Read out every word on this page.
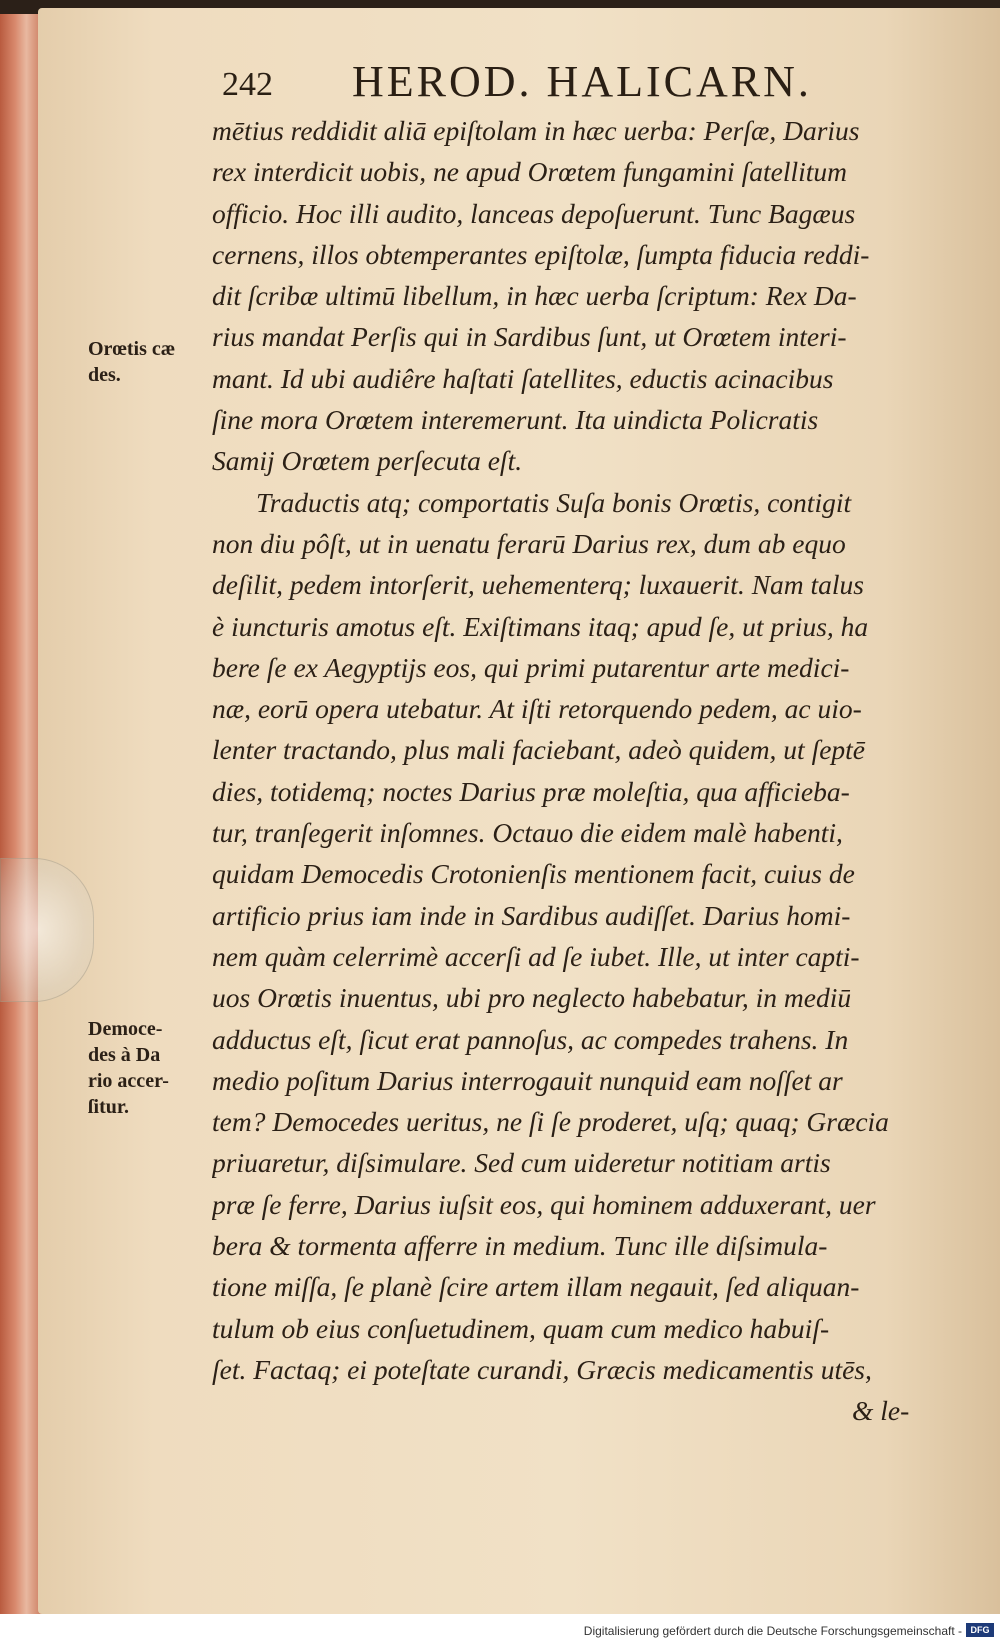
242 HEROD. HALICARN.
Orœtis cæ
des.
Democe-
des à Da
rio accer-
ſitur.
mētius reddidit aliā epiſtolam in hæc uerba: Perſæ, Darius
rex interdicit uobis, ne apud Orœtem fungamini ſatellitum
officio. Hoc illi audito, lanceas depoſuerunt. Tunc Bagæus
cernens, illos obtemperantes epiſtolæ, ſumpta fiducia reddi-
dit ſcribæ ultimū libellum, in hæc uerba ſcriptum: Rex Da-
rius mandat Perſis qui in Sardibus ſunt, ut Orœtem interi-
mant. Id ubi audiêre haſtati ſatellites, eductis acinacibus
ſine mora Orœtem interemerunt. Ita uindicta Policratis
Samij Orœtem perſecuta eſt.
Traductis atq; comportatis Suſa bonis Orœtis, contigit
non diu pôſt, ut in uenatu ferarū Darius rex, dum ab equo
deſilit, pedem intorſerit, uehementerq; luxauerit. Nam talus
è iuncturis amotus eſt. Exiſtimans itaq; apud ſe, ut prius, ha
bere ſe ex Aegyptijs eos, qui primi putarentur arte medici-
næ, eorū opera utebatur. At iſti retorquendo pedem, ac uio-
lenter tractando, plus mali faciebant, adeò quidem, ut ſeptē
dies, totidemq; noctes Darius præ moleſtia, qua afficieba-
tur, tranſegerit inſomnes. Octauo die eidem malè habenti,
quidam Democedis Crotonienſis mentionem facit, cuius de
artificio prius iam inde in Sardibus audiſſet. Darius homi-
nem quàm celerrimè accerſi ad ſe iubet. Ille, ut inter capti-
uos Orœtis inuentus, ubi pro neglecto habebatur, in mediū
adductus eſt, ſicut erat pannoſus, ac compedes trahens. In
medio poſitum Darius interrogauit nunquid eam noſſet ar
tem? Democedes ueritus, ne ſi ſe proderet, uſq; quaq; Græcia
priuaretur, diſsimulare. Sed cum uideretur notitiam artis
præ ſe ferre, Darius iuſsit eos, qui hominem adduxerant, uer
bera & tormenta afferre in medium. Tunc ille diſsimula-
tione miſſa, ſe planè ſcire artem illam negauit, ſed aliquan-
tulum ob eius conſuetudinem, quam cum medico habuiſ-
ſet. Factaq; ei poteſtate curandi, Græcis medicamentis utēs,
& le-
Digitalisierung gefördert durch die Deutsche Forschungsgemeinschaft - DFG
